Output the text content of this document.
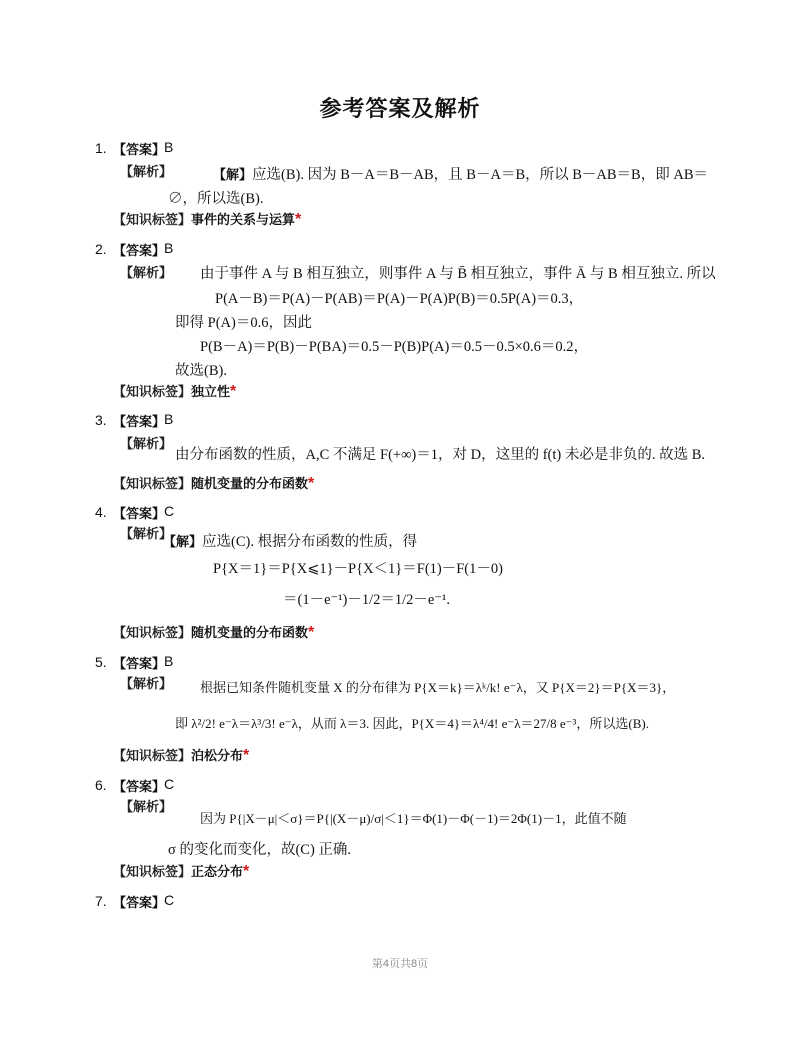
参考答案及解析
1. 【答案】
B
【解析】	【解】应选(B). 因为 B－A＝B－AB，且 B－A＝B，所以 B－AB＝B，即 AB＝
∅，所以选(B).
【知识标签】事件的关系与运算*
2. 【答案】
B
【解析】 由于事件 A 与 B 相互独立，则事件 A 与 B̄ 相互独立，事件 Ā 与 B 相互独立. 所以
P(A－B)＝P(A)－P(AB)＝P(A)－P(A)P(B)＝0.5P(A)＝0.3，
即得 P(A)＝0.6，因此
P(B－A)＝P(B)－P(BA)＝0.5－P(B)P(A)＝0.5－0.5×0.6＝0.2，
故选(B).
【知识标签】独立性*
3. 【答案】
B
【解析】
由分布函数的性质，A,C 不满足 F(+∞)＝1，对 D，这里的 f(t) 未必是非负的. 故选 B.
【知识标签】随机变量的分布函数*
4. 【答案】
C
【解析】
【解】应选(C). 根据分布函数的性质，得
P{X＝1}＝P{X⩽1}－P{X＜1}＝F(1)－F(1－0)
＝(1－e⁻¹)－1/2＝1/2－e⁻¹.
【知识标签】随机变量的分布函数*
5. 【答案】
B
【解析】 根据已知条件随机变量 X 的分布律为 P{X＝k}＝λᵏ/k! e⁻λ，又 P{X＝2}＝P{X＝3}，
即 λ²/2! e⁻λ＝λ³/3! e⁻λ，从而 λ＝3. 因此，P{X＝4}＝λ⁴/4! e⁻λ＝27/8 e⁻³，所以选(B).
【知识标签】泊松分布*
6. 【答案】
C
【解析】
因为 P{|X－μ|＜σ}＝P{|(X－μ)/σ|＜1}＝Φ(1)－Φ(－1)＝2Φ(1)－1，此值不随
σ 的变化而变化，故(C) 正确.
【知识标签】正态分布*
7. 【答案】
C
第4页共8页
